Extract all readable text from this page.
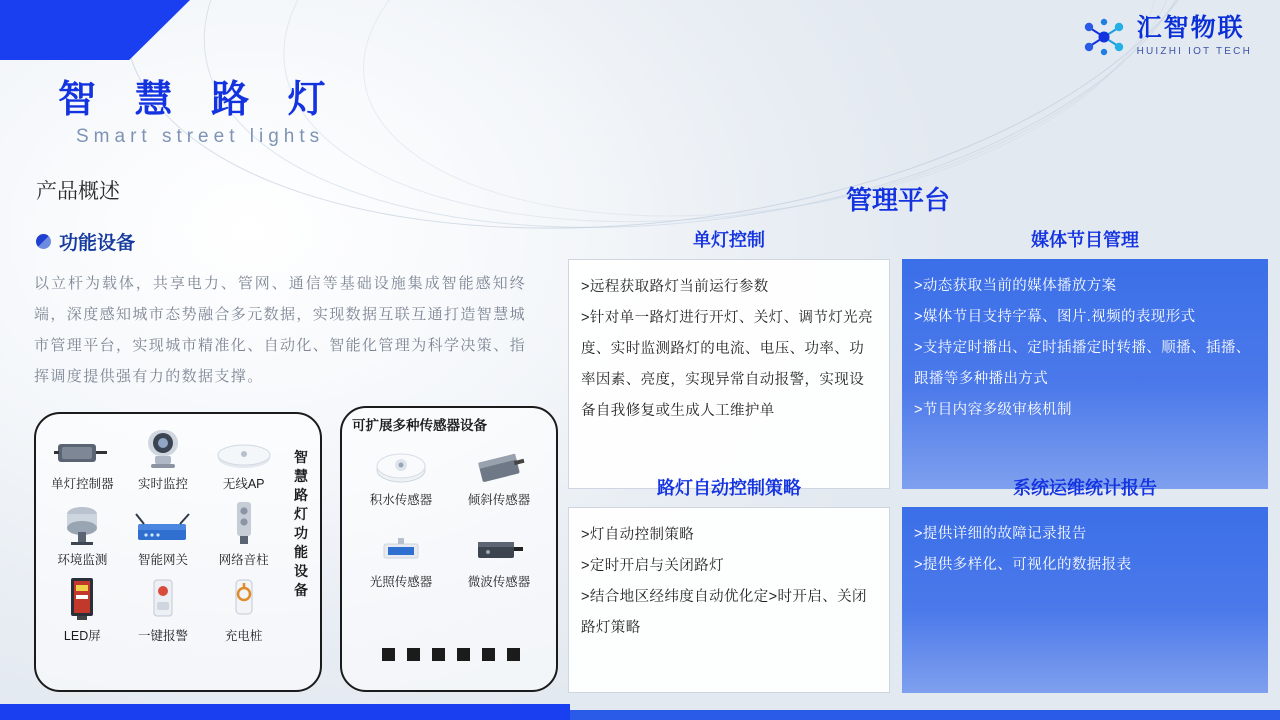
汇智物联
HUIZHI IOT TECH
智 慧 路 灯
Smart street lights
产品概述
功能设备
以立杆为载体，共享电力、管网、通信等基础设施集成智能感知终端，深度感知城市态势融合多元数据，实现数据互联互通打造智慧城市管理平台，实现城市精准化、自动化、智能化管理为科学决策、指挥调度提供强有力的数据支撑。
智慧路灯功能设备
单灯控制器	实时监控	无线AP
环境监测	智能网关	网络音柱
LED屏	一键报警	充电桩
可扩展多种传感器设备
积水传感器	倾斜传感器
光照传感器	微波传感器
管理平台
单灯控制

>远程获取路灯当前运行参数

>针对单一路灯进行开灯、关灯、调节灯光亮度、实时监测路灯的电流、电压、功率、功率因素、亮度，实现异常自动报警，实现设备自我修复或生成人工维护单

媒体节目管理

>动态获取当前的媒体播放方案

>媒体节目支持字幕、图片.视频的表现形式

>支持定时播出、定时插播定时转播、顺播、插播、跟播等多种播出方式

>节目内容多级审核机制

路灯自动控制策略

>灯自动控制策略

>定时开启与关闭路灯

>结合地区经纬度自动优化定>时开启、关闭路灯策略

系统运维统计报告

>提供详细的故障记录报告

>提供多样化、可视化的数据报表
